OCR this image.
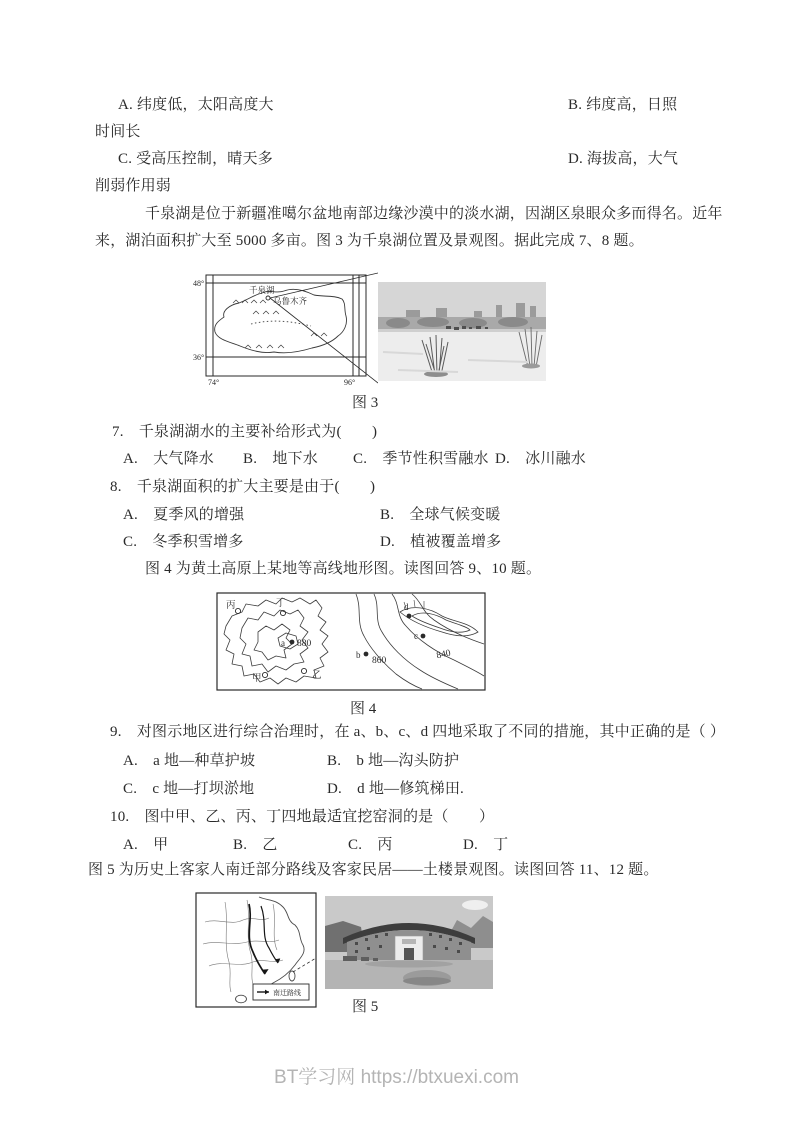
A. 纬度低，太阳高度大	B. 纬度高，日照
时间长
C. 受高压控制，晴天多	D. 海拔高，大气
削弱作用弱
千泉湖是位于新疆准噶尔盆地南部边缘沙漠中的淡水湖，因湖区泉眼众多而得名。近年
来，湖泊面积扩大至 5000 多亩。图 3 为千泉湖位置及景观图。据此完成 7、8 题。
48°
36°
74°	96°
千泉湖
乌鲁木齐
图 3
7.　千泉湖湖水的主要补给形式为(　　)
A.　大气降水 B.　地下水 C.　季节性积雪融水 D.　冰川融水
8.　千泉湖面积的扩大主要是由于(　　)
A.　夏季风的增强	B.　全球气候变暖
C.　冬季积雪增多	D.　植被覆盖增多
图 4 为黄土高原上某地等高线地形图。读图回答 9、10 题。
丙	丁
甲	乙
a
b
c
d
880
860	840
图 4
9.　对图示地区进行综合治理时，在 a、b、c、d 四地采取了不同的措施，其中正确的是（ ）
A.　a 地—种草护坡	B.　b 地—沟头防护
C.　c 地—打坝淤地	D.　d 地—修筑梯田.
10.　图中甲、乙、丙、丁四地最适宜挖窑洞的是（　　）
A.　甲	B.　乙	C.　丙	D.　丁
图 5 为历史上客家人南迁部分路线及客家民居——土楼景观图。读图回答 11、12 题。
南迁路线
图 5
BT学习网 https://btxuexi.com
